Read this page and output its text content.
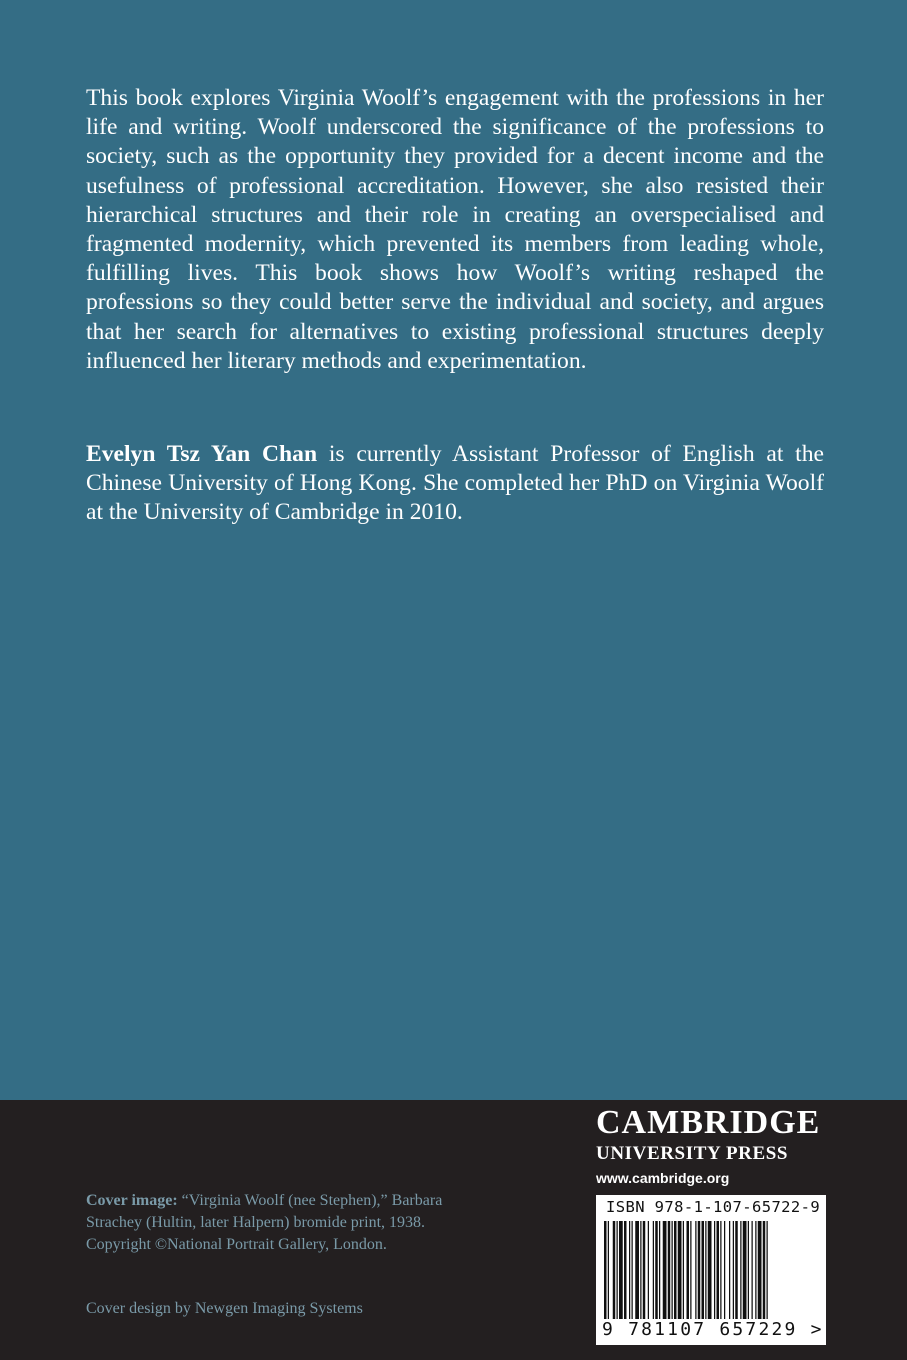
This book explores Virginia Woolf’s engagement with the professions in her life and writing. Woolf underscored the significance of the professions to society, such as the opportunity they provided for a decent income and the usefulness of professional accreditation. However, she also resisted their hierarchical structures and their role in creating an overspecialised and fragmented modernity, which prevented its members from leading whole, fulfilling lives. This book shows how Woolf’s writing reshaped the professions so they could better serve the individual and society, and argues that her search for alternatives to existing professional structures deeply influenced her literary methods and experimentation.

Evelyn Tsz Yan Chan is currently Assistant Professor of English at the Chinese University of Hong Kong. She completed her PhD on Virginia Woolf at the University of Cambridge in 2010.

CAMBRIDGE
UNIVERSITY PRESS
www.cambridge.org

Cover image: “Virginia Woolf (nee Stephen),” Barbara Strachey (Hultin, later Halpern) bromide print, 1938. Copyright ©National Portrait Gallery, London.

Cover design by Newgen Imaging Systems

ISBN 978-1-107-65722-9
9 781107 657229 >
